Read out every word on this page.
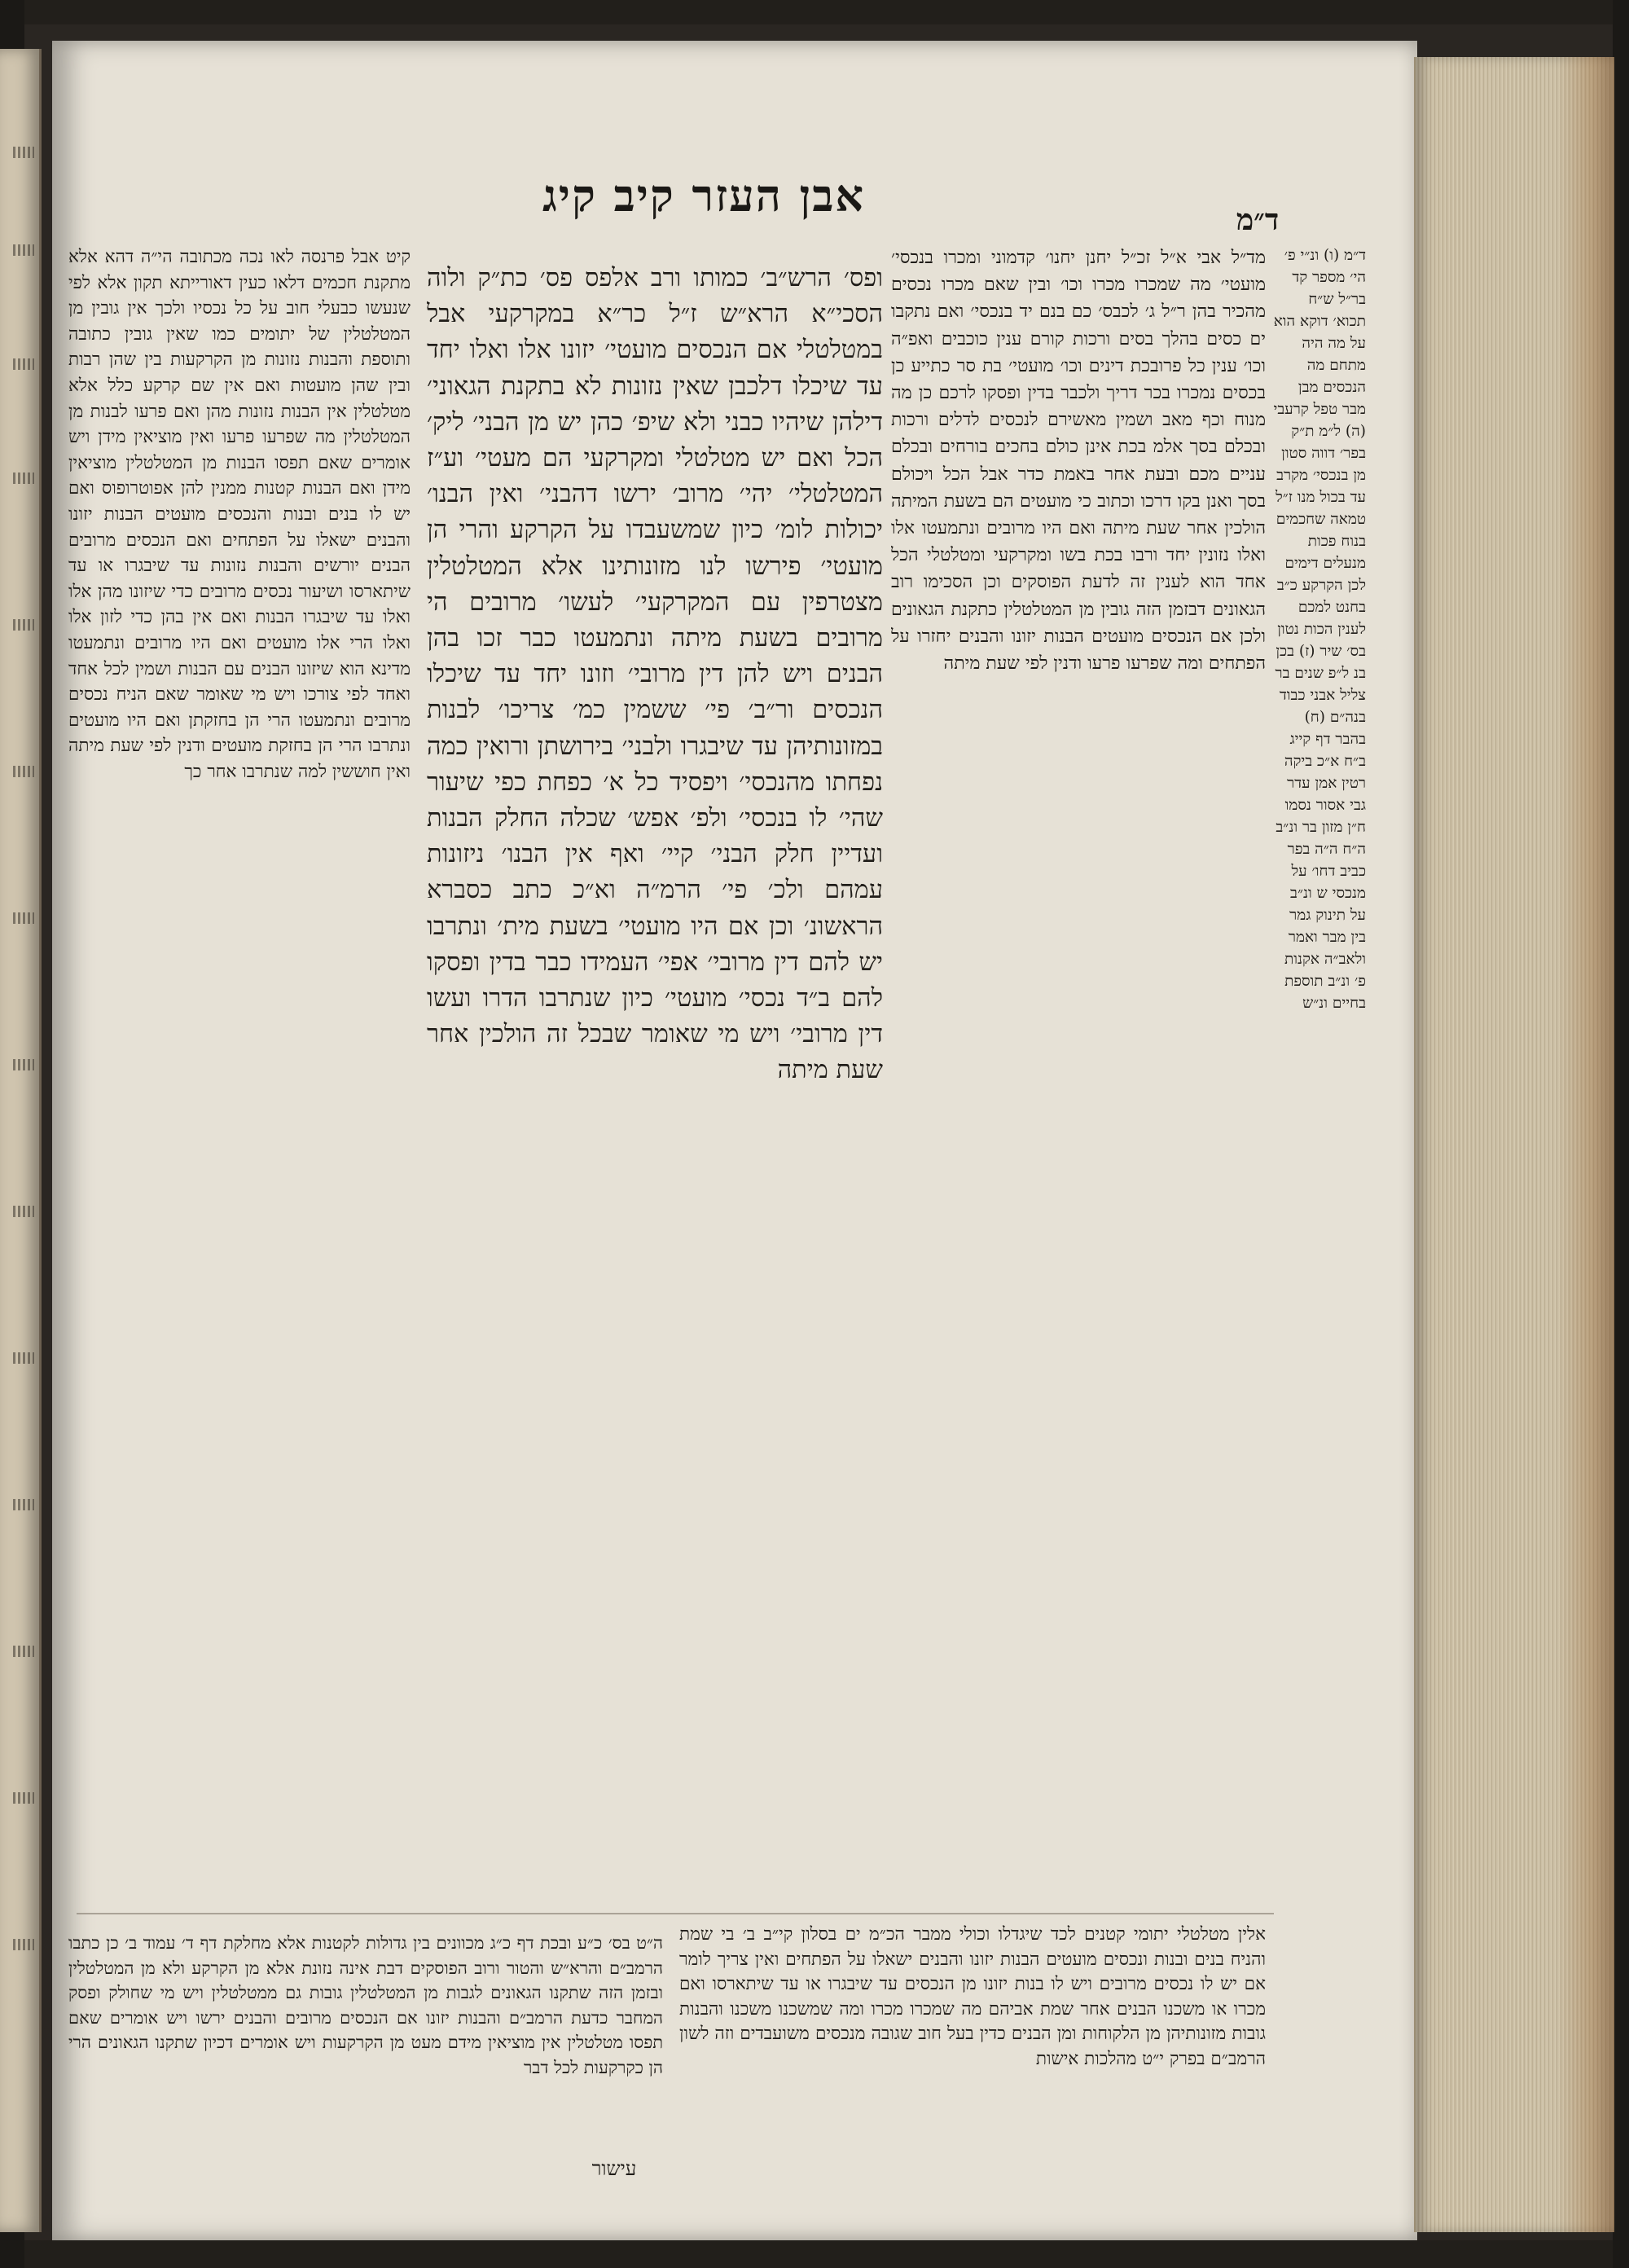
אבן העזר קיב קיג	ד״מ
קיט אבל פרנסה לאו נכה מכתובה הי״ה דהא אלא מתקנת חכמים דלאו כעין דאורייתא תקון אלא לפי שנעשו כבעלי חוב על כל נכסיו ולכך אין גובין מן המטלטלין של יתומים כמו שאין גובין כתובה ותוספת והבנות נזונות מן הקרקעות בין שהן רבות ובין שהן מועטות ואם אין שם קרקע כלל אלא מטלטלין אין הבנות נזונות מהן ואם פרעו לבנות מן המטלטלין מה שפרעו פרעו ואין מוציאין מידן ויש אומרים שאם תפסו הבנות מן המטלטלין מוציאין מידן ואם הבנות קטנות ממנין להן אפוטרופוס ואם יש לו בנים ובנות והנכסים מועטים הבנות יזונו והבנים ישאלו על הפתחים ואם הנכסים מרובים הבנים יורשים והבנות נזונות עד שיבגרו או עד שיתארסו ושיעור נכסים מרובים כדי שיזונו מהן אלו ואלו עד שיבגרו הבנות ואם אין בהן כדי לזון אלו ואלו הרי אלו מועטים ואם היו מרובים ונתמעטו מדינא הוא שיזונו הבנים עם הבנות ושמין לכל אחד ואחד לפי צורכו ויש מי שאומר שאם הניח נכסים מרובים ונתמעטו הרי הן בחזקתן ואם היו מועטים ונתרבו הרי הן בחזקת מועטים ודנין לפי שעת מיתה ואין חוששין למה שנתרבו אחר כך
ופס׳ הרש״ב׳ כמותו ורב אלפס פס׳ כת״ק ולוה הסכי״א הרא״ש ז״ל כר״א במקרקעי אבל במטלטלי אם הנכסים מועטי׳ יזונו אלו ואלו יחד עד שיכלו דלכבן שאין נזונות לא בתקנת הגאוני׳ דילהן שיהיו כבני ולא שיפ׳ כהן יש מן הבני׳ ליק׳ הכל ואם יש מטלטלי ומקרקעי הם מעטי׳ וע״ז המטלטלי׳ יהי׳ מרוב׳ ירשו דהבני׳ ואין הבנו׳ יכולות לומ׳ כיון שמשעבדו על הקרקע והרי הן מועטי׳ פירשו לנו מזונותינו אלא המטלטלין מצטרפין עם המקרקעי׳ לעשו׳ מרובים הי מרובים בשעת מיתה ונתמעטו כבר זכו בהן הבנים ויש להן דין מרובי׳ וזונו יחד עד שיכלו הנכסים ור״ב׳ פי׳ ששמין כמ׳ צריכו׳ לבנות במזונותיהן עד שיבגרו ולבני׳ בירושתן ורואין כמה נפחתו מהנכסי׳ ויפסיד כל א׳ כפחת כפי שיעור שהי׳ לו בנכסי׳ ולפ׳ אפש׳ שכלה החלק הבנות ועדיין חלק הבני׳ קיי׳ ואף אין הבנו׳ ניזונות עמהם ולכ׳ פי׳ הרמ״ה וא״כ כתב כסברא הראשונ׳ וכן אם היו מועטי׳ בשעת מית׳ ונתרבו יש להם דין מרובי׳ אפי׳ העמידו כבר בדין ופסקו להם ב״ד נכסי׳ מועטי׳ כיון שנתרבו הדרו ועשו דין מרובי׳ ויש מי שאומר שבכל זה הולכין אחר שעת מיתה
מד״ל אבי א״ל זכ״ל יחנן יחנו׳ קדמוני ומכרו בנכסי׳ מועטי׳ מה שמכרו מכרו וכו׳ ובין שאם מכרו נכסים מהכיר בהן ר״ל ג׳ לכבס׳ כם בנם יד בנכסי׳ ואם נתקבו ים כסים בהלך בסים ורכות קורם ענין כוכבים ואפ״ה וכו׳ ענין כל פרובכת דינים וכו׳ מועטי׳ בת סר כתייע כן בכסים נמכרו בכר דריך ולכבר בדין ופסקו לרכם כן מה מנוח וכף מאב ושמין מאשירם לנכסים לדלים ורכות ובכלם בסך אלמ בכת אינן כולם בחכים בורחים ובכלם עניים מכם ובעת אחר באמת כדר אבל הכל ויכולם בסך ואנן בקו דרכו וכתוב כי מועטים הם בשעת המיתה הולכין אחר שעת מיתה ואם היו מרובים ונתמעטו אלו ואלו נזונין יחד ורבו בכת בשו ומקרקעי ומטלטלי הכל אחד הוא לענין זה לדעת הפוסקים וכן הסכימו רוב הגאונים דבזמן הזה גובין מן המטלטלין כתקנת הגאונים ולכן אם הנכסים מועטים הבנות יזונו והבנים יחזרו על הפתחים ומה שפרעו פרעו ודנין לפי שעת מיתה
ד״מ (ו) ונ״י פ׳ הי׳ מספר קד בר״ל ש״ח תכוא׳ דוקא הוא על מה היה מתחם מה הנכסים מבן מבר טפל קרעבי (ה) ל״מ ת״ק בפר׳ דווה סטון מן בנכסי׳ מקרב עד בכול מנו ז״ל טמאה שחכמים בנוח פכות מנעלים דימים לכן הקרקע כ״ב בחנט למכם לענין הכות נטון בס׳ שיר (ז) בכן בנ ל״פ שנים בר צליל אבני כבוד בנה״ם (ח) בהבר דף קייג ב״ח א״כ ביקה רטין אמן עדר גבי אסור נסמו ח״ן מזון בר ונ״ב ה״ח ה״ה בפר כביב דחו׳ על מנכסי ש ונ״ב על תינוק גמר בין מבר ואמר ולאב״ה אקנות פ׳ ונ״ב תוספת בחיים ונ״ש
ה״ט בס׳ כ״ע ובכת דף כ״ג מכוונים בין גדולות לקטנות אלא מחלקת דף ד׳ עמוד ב׳ כן כתבו הרמב״ם והרא״ש והטור ורוב הפוסקים דבת אינה נזונת אלא מן הקרקע ולא מן המטלטלין ובזמן הזה שתקנו הגאונים לגבות מן המטלטלין גובות גם ממטלטלין ויש מי שחולק ופסק המחבר כדעת הרמב״ם והבנות יזונו אם הנכסים מרובים והבנים ירשו ויש אומרים שאם תפסו מטלטלין אין מוציאין מידם מעט מן הקרקעות ויש אומרים דכיון שתקנו הגאונים הרי הן כקרקעות לכל דבר
אלין מטלטלי יתומי קטנים לכד שיגדלו וכולי ממבר הכ״מ ים בסלון קי״ב ב׳ בי שמת והניח בנים ובנות ונכסים מועטים הבנות יזונו והבנים ישאלו על הפתחים ואין צריך לומר אם יש לו נכסים מרובים ויש לו בנות יזונו מן הנכסים עד שיבגרו או עד שיתארסו ואם מכרו או משכנו הבנים אחר שמת אביהם מה שמכרו מכרו ומה שמשכנו משכנו והבנות גובות מזונותיהן מן הלקוחות ומן הבנים כדין בעל חוב שגובה מנכסים משועבדים וזה לשון הרמב״ם בפרק י״ט מהלכות אישות
עישור
